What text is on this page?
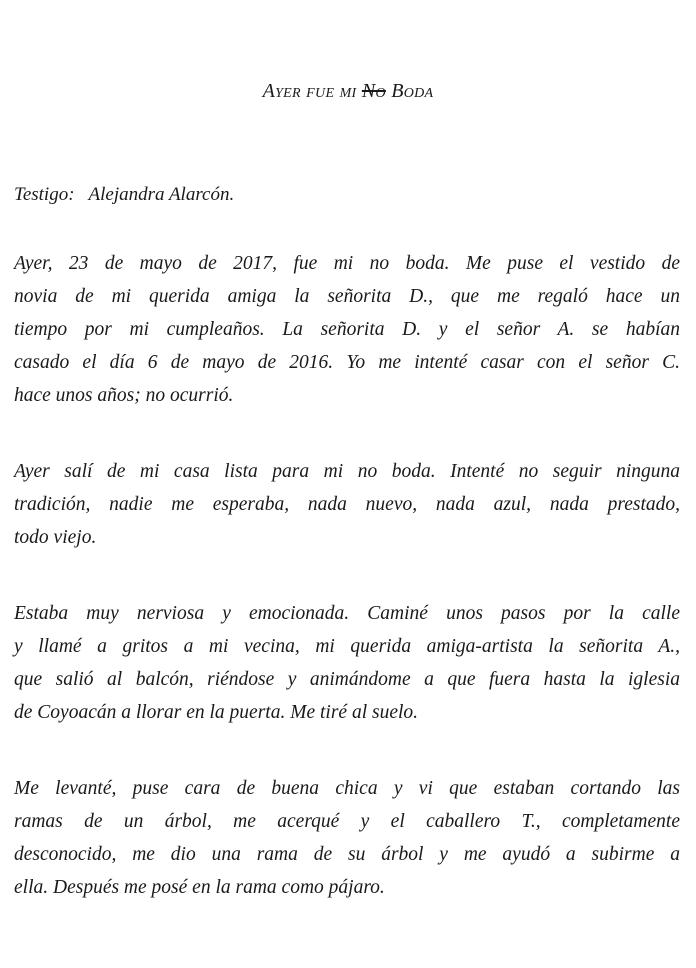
Ayer fue mi No Boda
Testigo: Alejandra Alarcón.

Ayer, 23 de mayo de 2017, fue mi no boda. Me puse el vestido de
novia de mi querida amiga la señorita D., que me regaló hace un
tiempo por mi cumpleaños. La señorita D. y el señor A. se habían
casado el día 6 de mayo de 2016. Yo me intenté casar con el señor C.
hace unos años; no ocurrió.

Ayer salí de mi casa lista para mi no boda. Intenté no seguir ninguna
tradición, nadie me esperaba, nada nuevo, nada azul, nada prestado,
todo viejo.

Estaba muy nerviosa y emocionada. Caminé unos pasos por la calle
y llamé a gritos a mi vecina, mi querida amiga-artista la señorita A.,
que salió al balcón, riéndose y animándome a que fuera hasta la iglesia
de Coyoacán a llorar en la puerta. Me tiré al suelo.

Me levanté, puse cara de buena chica y vi que estaban cortando las
ramas de un árbol, me acerqué y el caballero T., completamente
desconocido, me dio una rama de su árbol y me ayudó a subirme a
ella. Después me posé en la rama como pájaro.
